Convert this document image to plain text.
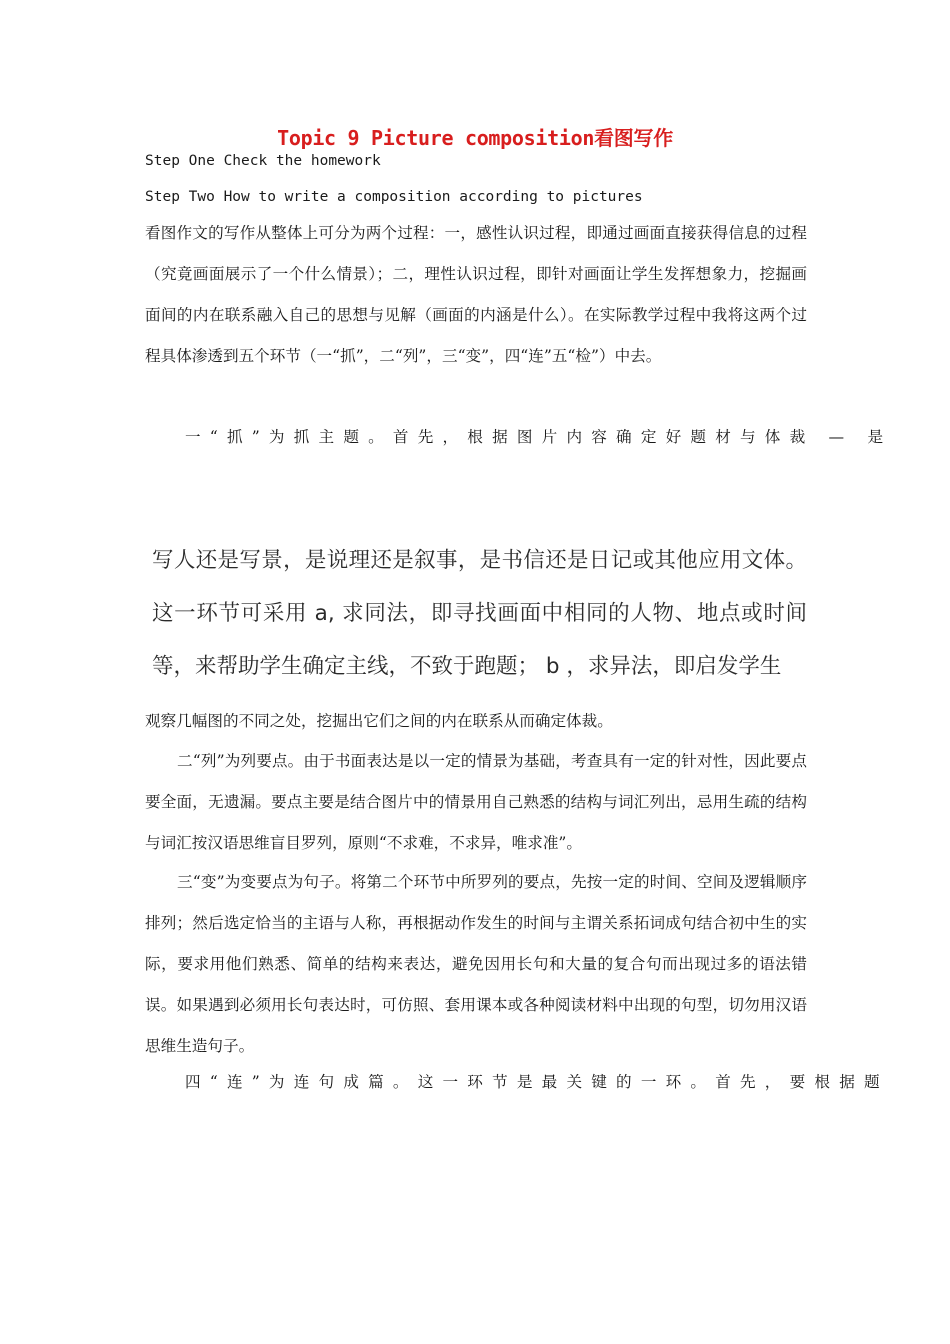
Topic 9 Picture composition看图写作
Step One Check the homework
Step Two How to write a composition according to pictures

看图作文的写作从整体上可分为两个过程：一，感性认识过程，即通过画面直接获得信息的过程（究竟画面展示了一个什么情景）；二，理性认识过程，即针对画面让学生发挥想象力，挖掘画面间的内在联系融入自己的思想与见解（画面的内涵是什么）。在实际教学过程中我将这两个过程具体渗透到五个环节（一“抓”，二“列”，三“变”，四“连”五“检”）中去。

一“抓”为抓主题。首先，根据图片内容确定好题材与体裁 — 是

写人还是写景，是说理还是叙事，是书信还是日记或其他应用文体。这一环节可采用 a, 求同法，即寻找画面中相同的人物、地点或时间等，来帮助学生确定主线，不致于跑题； b ，求异法，即启发学生

观察几幅图的不同之处，挖掘出它们之间的内在联系从而确定体裁。

二“列”为列要点。由于书面表达是以一定的情景为基础，考查具有一定的针对性，因此要点要全面，无遗漏。要点主要是结合图片中的情景用自己熟悉的结构与词汇列出，忌用生疏的结构与词汇按汉语思维盲目罗列，原则“不求难，不求异，唯求准”。

三“变”为变要点为句子。将第二个环节中所罗列的要点，先按一定的时间、空间及逻辑顺序排列；然后选定恰当的主语与人称，再根据动作发生的时间与主谓关系拓词成句结合初中生的实际，要求用他们熟悉、简单的结构来表达，避免因用长句和大量的复合句而出现过多的语法错误。如果遇到必须用长句表达时，可仿照、套用课本或各种阅读材料中出现的句型，切勿用汉语思维生造句子。

四“连”为连句成篇。这一环节是最关键的一环。首先，要根据题
